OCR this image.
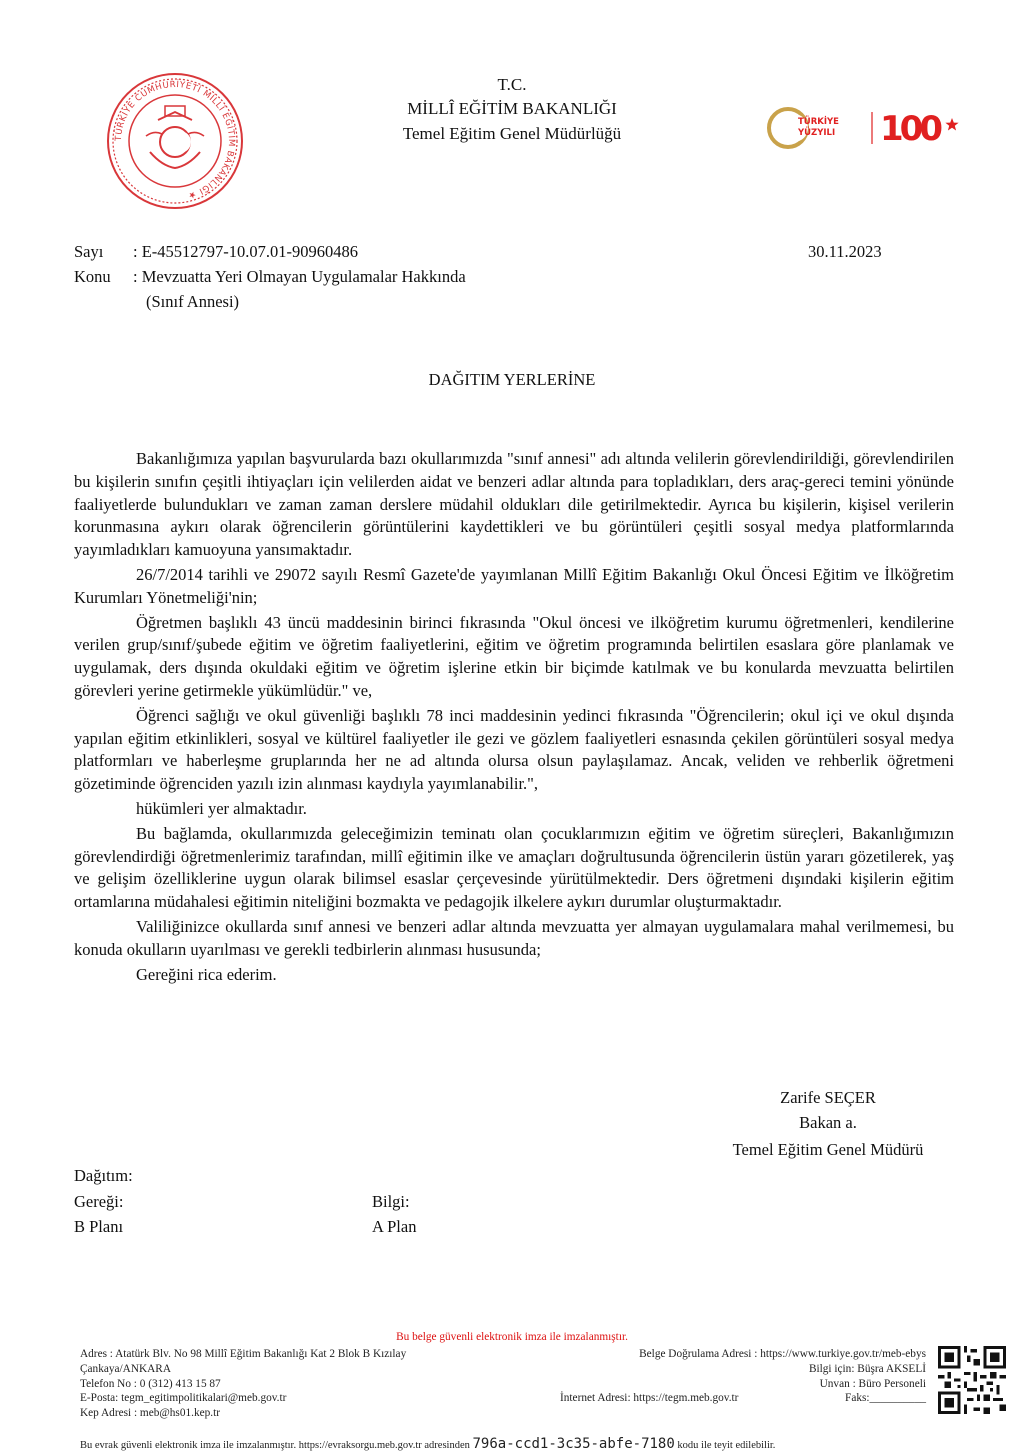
TÜRKİYE CUMHURİYETİ MİLLÎ EĞİTİM BAKANLIĞI ★
T.C.
MİLLÎ EĞİTİM BAKANLIĞI
Temel Eğitim Genel Müdürlüğü
TÜRKİYE
YÜZYILI 100
Sayı : E-45512797-10.07.01-90960486	30.11.2023
Konu : Mevzuatta Yeri Olmayan Uygulamalar Hakkında
(Sınıf Annesi)
DAĞITIM YERLERİNE

Bakanlığımıza yapılan başvurularda bazı okullarımızda "sınıf annesi" adı altında velilerin görevlendirildiği, görevlendirilen bu kişilerin sınıfın çeşitli ihtiyaçları için velilerden aidat ve benzeri adlar altında para topladıkları, ders araç-gereci temini yönünde faaliyetlerde bulundukları ve zaman zaman derslere müdahil oldukları dile getirilmektedir. Ayrıca bu kişilerin, kişisel verilerin korunmasına aykırı olarak öğrencilerin görüntülerini kaydettikleri ve bu görüntüleri çeşitli sosyal medya platformlarında yayımladıkları kamuoyuna yansımaktadır.

26/7/2014 tarihli ve 29072 sayılı Resmî Gazete'de yayımlanan Millî Eğitim Bakanlığı Okul Öncesi Eğitim ve İlköğretim Kurumları Yönetmeliği'nin;

Öğretmen başlıklı 43 üncü maddesinin birinci fıkrasında "Okul öncesi ve ilköğretim kurumu öğretmenleri, kendilerine verilen grup/sınıf/şubede eğitim ve öğretim faaliyetlerini, eğitim ve öğretim programında belirtilen esaslara göre planlamak ve uygulamak, ders dışında okuldaki eğitim ve öğretim işlerine etkin bir biçimde katılmak ve bu konularda mevzuatta belirtilen görevleri yerine getirmekle yükümlüdür." ve,

Öğrenci sağlığı ve okul güvenliği başlıklı 78 inci maddesinin yedinci fıkrasında "Öğrencilerin; okul içi ve okul dışında yapılan eğitim etkinlikleri, sosyal ve kültürel faaliyetler ile gezi ve gözlem faaliyetleri esnasında çekilen görüntüleri sosyal medya platformları ve haberleşme gruplarında her ne ad altında olursa olsun paylaşılamaz. Ancak, veliden ve rehberlik öğretmeni gözetiminde öğrenciden yazılı izin alınması kaydıyla yayımlanabilir.",

hükümleri yer almaktadır.

Bu bağlamda, okullarımızda geleceğimizin teminatı olan çocuklarımızın eğitim ve öğretim süreçleri, Bakanlığımızın görevlendirdiği öğretmenlerimiz tarafından, millî eğitimin ilke ve amaçları doğrultusunda öğrencilerin üstün yararı gözetilerek, yaş ve gelişim özelliklerine uygun olarak bilimsel esaslar çerçevesinde yürütülmektedir. Ders öğretmeni dışındaki kişilerin eğitim ortamlarına müdahalesi eğitimin niteliğini bozmakta ve pedagojik ilkelere aykırı durumlar oluşturmaktadır.

Valiliğinizce okullarda sınıf annesi ve benzeri adlar altında mevzuatta yer almayan uygulamalara mahal verilmemesi, bu konuda okulların uyarılması ve gerekli tedbirlerin alınması hususunda;

Gereğini rica ederim.

Zarife SEÇER
Bakan a.
Temel Eğitim Genel Müdürü
Dağıtım:
Gereği:
B Planı
Bilgi:
A Plan
Bu belge güvenli elektronik imza ile imzalanmıştır.
Adres : Atatürk Blv. No 98 Millî Eğitim Bakanlığı Kat 2 Blok B Kızılay
Çankaya/ANKARA
Telefon No : 0 (312) 413 15 87
E-Posta: tegm_egitimpolitikalari@meb.gov.tr
Kep Adresi : meb@hs01.kep.tr
Belge Doğrulama Adresi : https://www.turkiye.gov.tr/meb-ebys
Bilgi için: Büşra AKSELİ
Unvan : Büro Personeli
İnternet Adresi: https://tegm.meb.gov.tr	Faks:__________
Bu evrak güvenli elektronik imza ile imzalanmıştır. https://evraksorgu.meb.gov.tr adresinden 796a-ccd1-3c35-abfe-7180 kodu ile teyit edilebilir.
